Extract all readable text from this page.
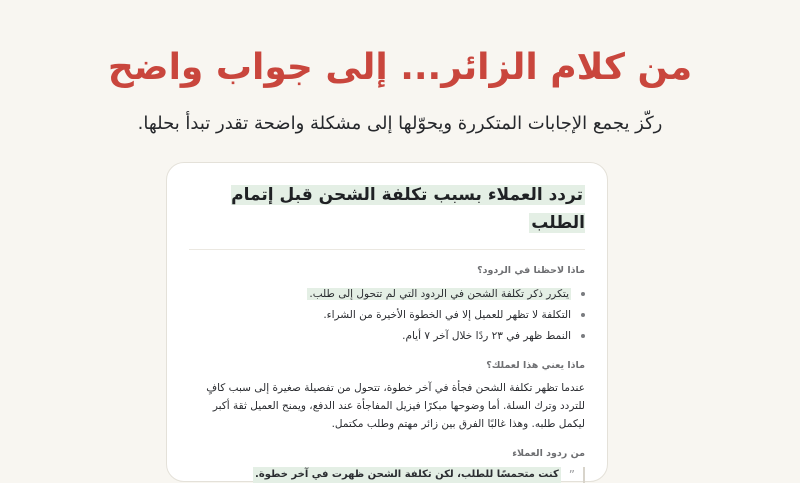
من كلام الزائر... إلى جواب واضح

ركّز يجمع الإجابات المتكررة ويحوّلها إلى مشكلة واضحة تقدر تبدأ بحلها.

تردد العملاء بسبب تكلفة الشحن قبل إتمام الطلب
ماذا لاحظنا في الردود؟
يتكرر ذكر تكلفة الشحن في الردود التي لم تتحول إلى طلب.
التكلفة لا تظهر للعميل إلا في الخطوة الأخيرة من الشراء.
النمط ظهر في ٢٣ ردًا خلال آخر ٧ أيام.
ماذا يعني هذا لعملك؟

عندما تظهر تكلفة الشحن فجأة في آخر خطوة، تتحول من تفصيلة صغيرة إلى سبب كافٍ للتردد وترك السلة. أما وضوحها مبكرًا فيزيل المفاجأة عند الدفع، ويمنح العميل ثقة أكبر ليكمل طلبه. وهذا غالبًا الفرق بين زائر مهتم وطلب مكتمل.

من ردود العملاء
”
كنت متحمسًا للطلب، لكن تكلفة الشحن ظهرت في آخر خطوة.
